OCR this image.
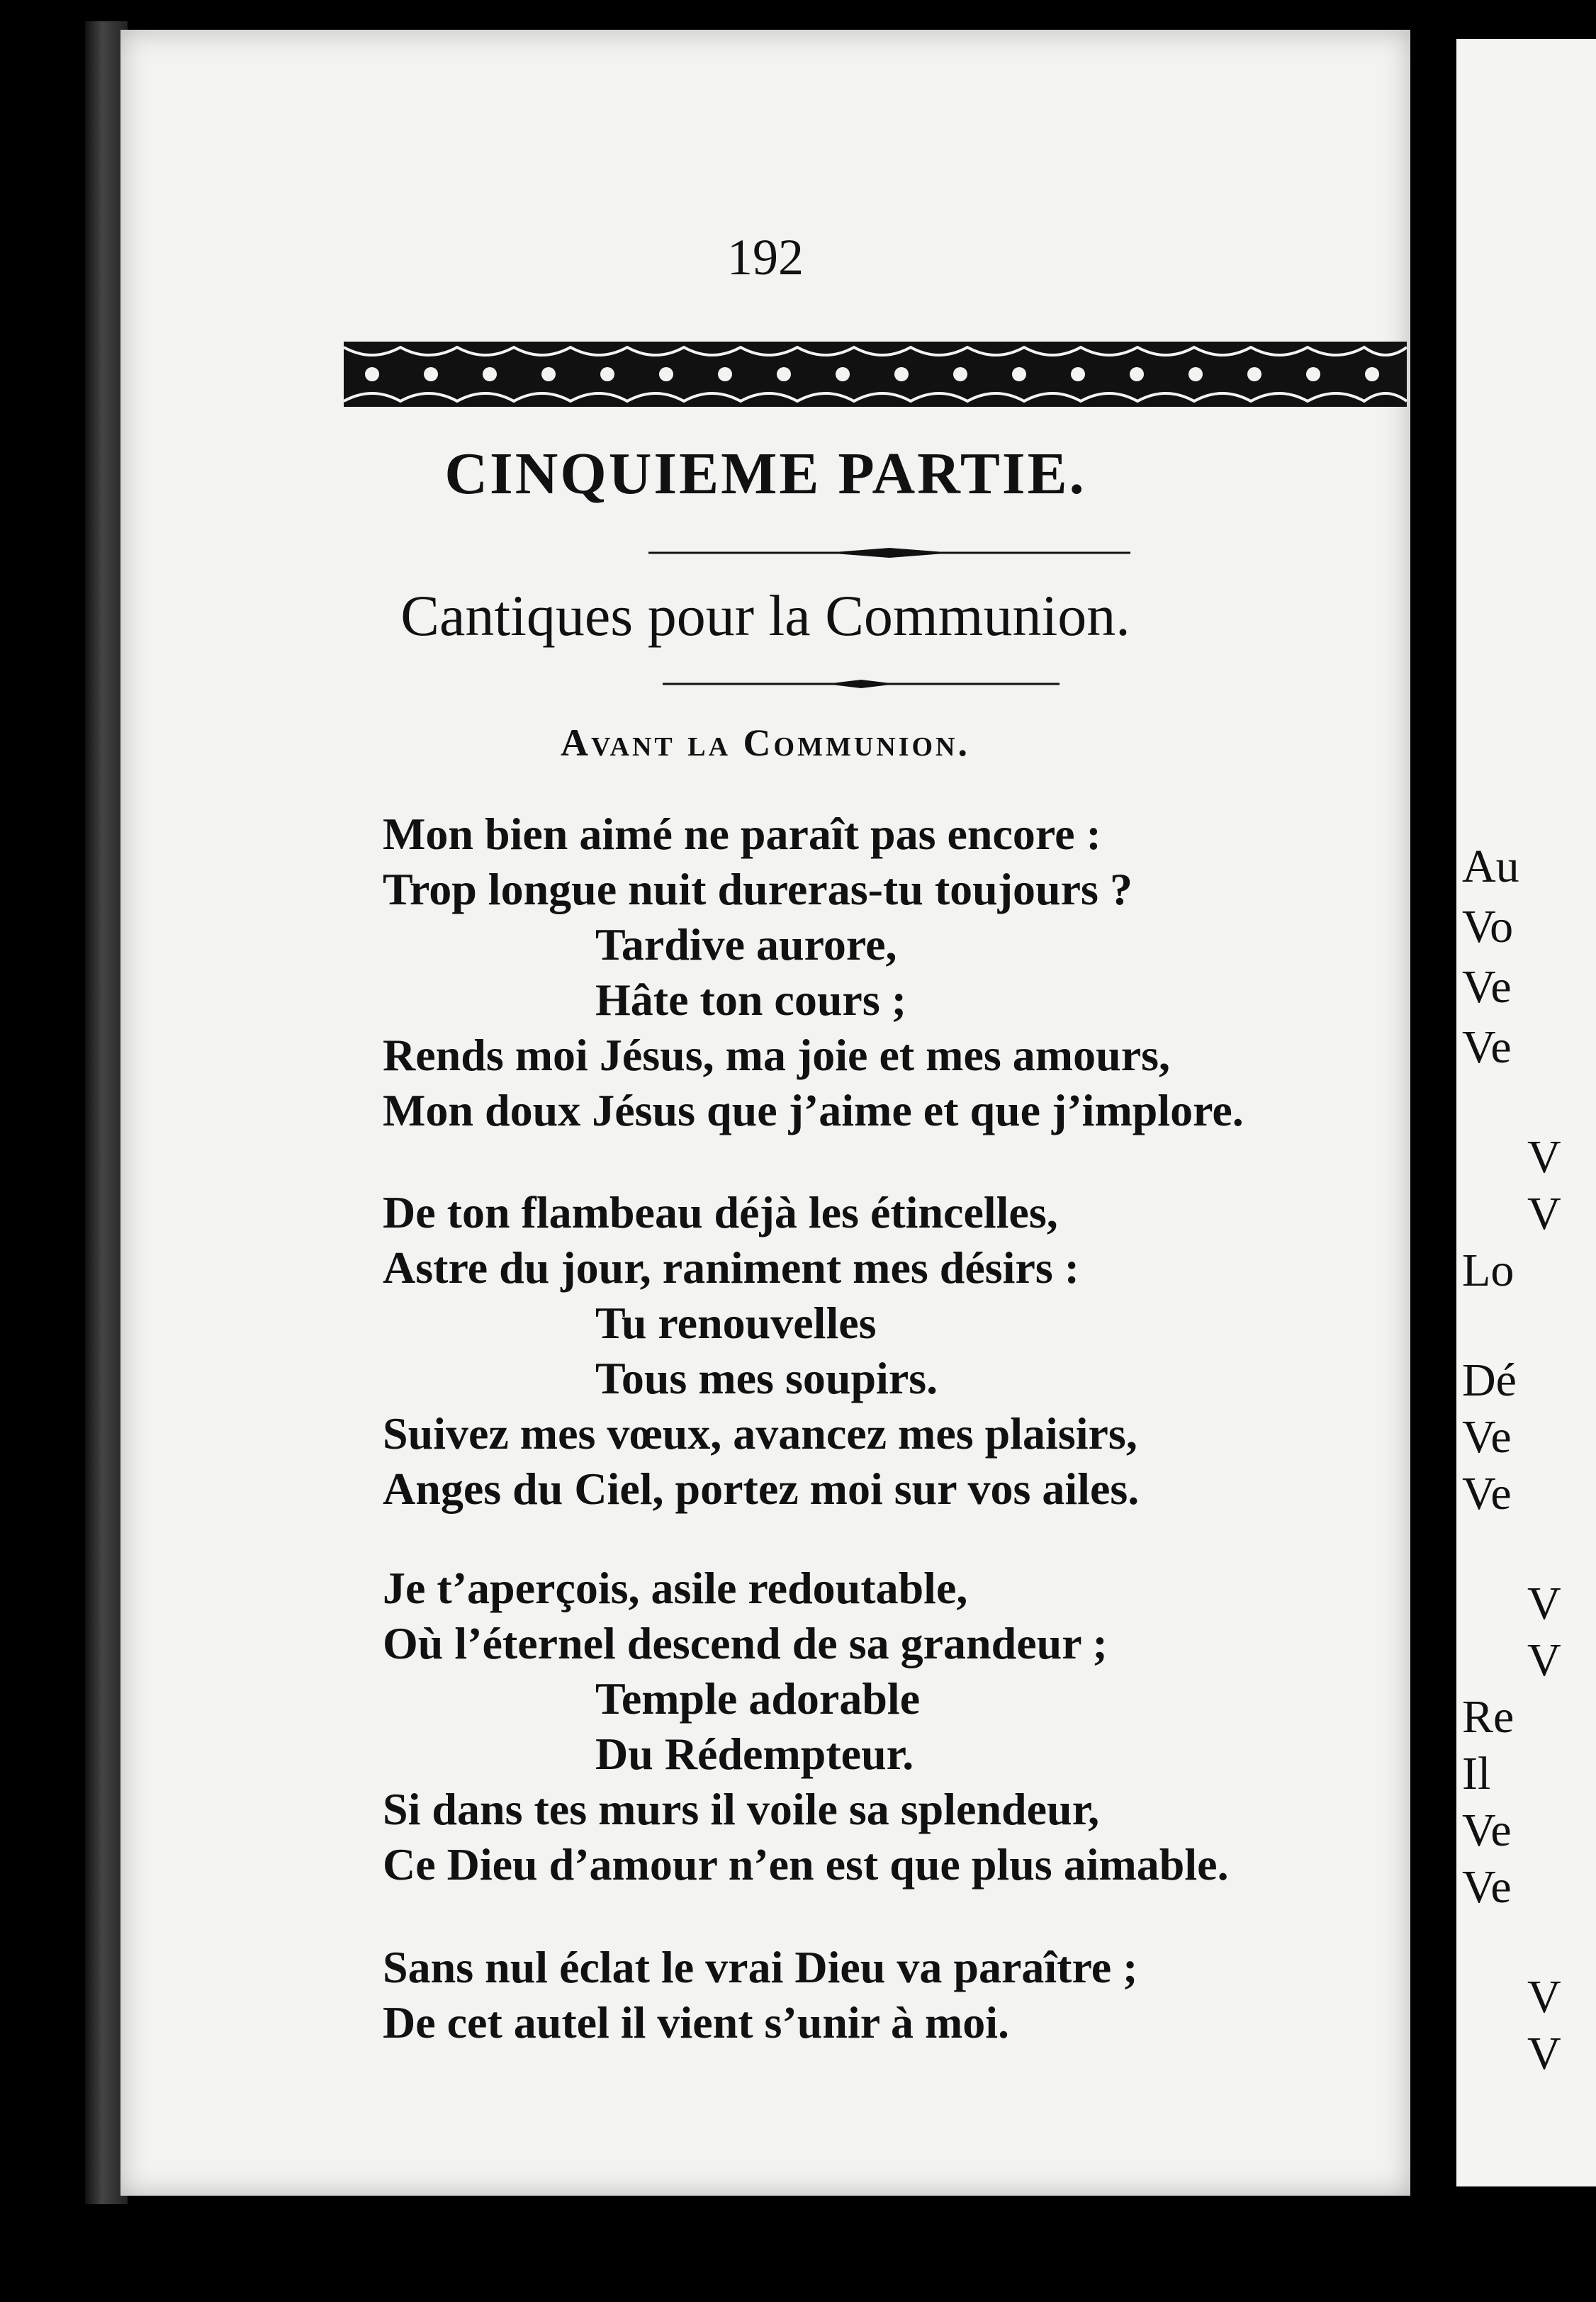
192
CINQUIEME PARTIE.
Cantiques pour la Communion.
Avant la Communion.
Mon bien aimé ne paraît pas encore :
Trop longue nuit dureras-tu toujours ?
Tardive aurore,
Hâte ton cours ;
Rends moi Jésus, ma joie et mes amours,
Mon doux Jésus que j’aime et que j’implore.
De ton flambeau déjà les étincelles,
Astre du jour, raniment mes désirs :
Tu renouvelles
Tous mes soupirs.
Suivez mes vœux, avancez mes plaisirs,
Anges du Ciel, portez moi sur vos ailes.
Je t’aperçois, asile redoutable,
Où l’éternel descend de sa grandeur ;
Temple adorable
Du Rédempteur.
Si dans tes murs il voile sa splendeur,
Ce Dieu d’amour n’en est que plus aimable.
Sans nul éclat le vrai Dieu va paraître ;
De cet autel il vient s’unir à moi.
Au
Vo
Ve
Ve
V
V
Lo
Dé
Ve
Ve
V
V
Re
Il
Ve
Ve
V
V
